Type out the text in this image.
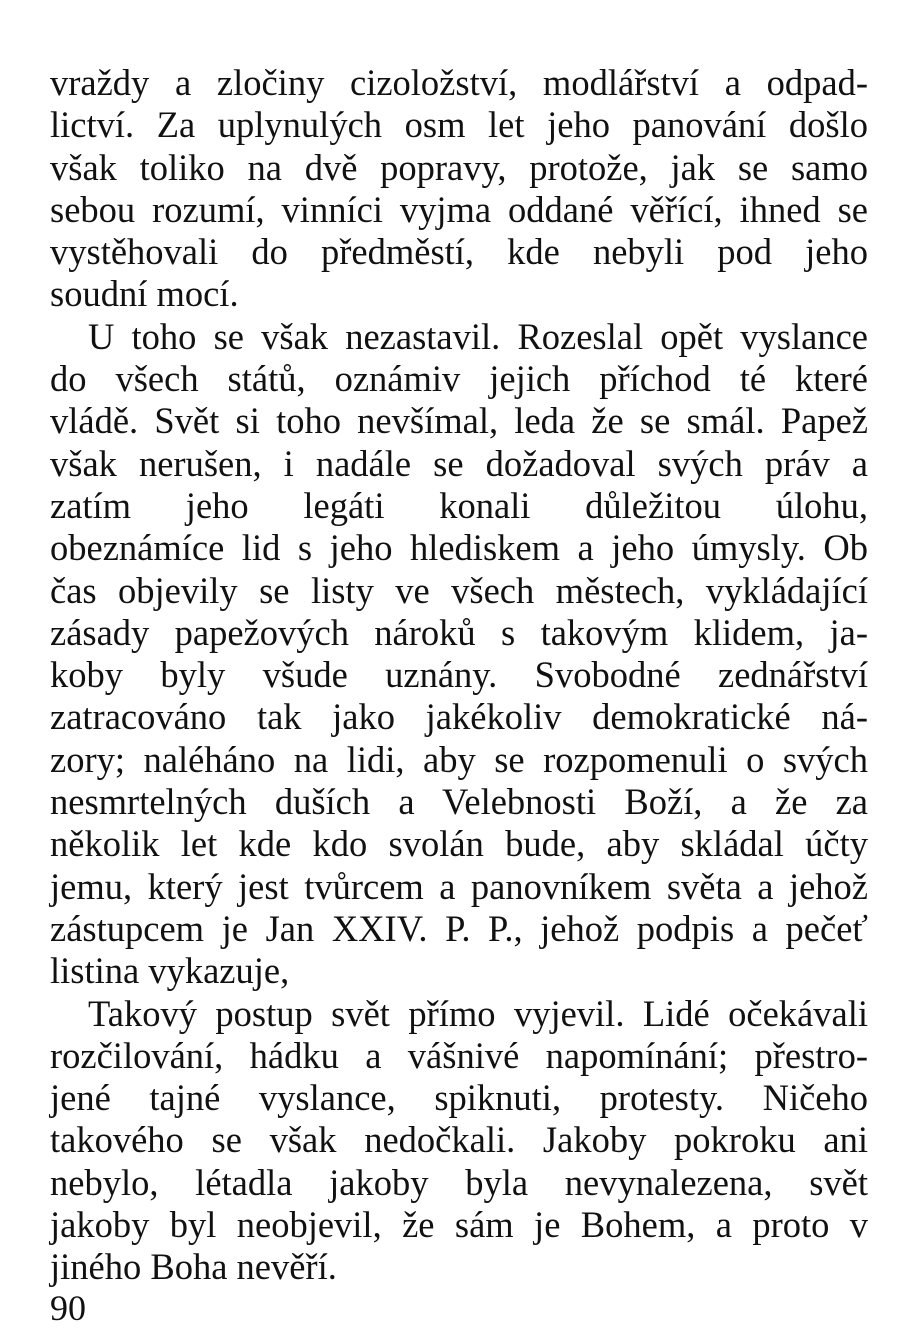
vraždy a zločiny cizoložství, modlářství a odpad-
lictví. Za uplynulých osm let jeho panování došlo
však toliko na dvě popravy, protože, jak se samo
sebou rozumí, vinníci vyjma oddané věřící, ihned se
vystěhovali do předměstí, kde nebyli pod jeho
soudní mocí.
U toho se však nezastavil. Rozeslal opět vyslance
do všech států, oznámiv jejich příchod té které
vládě. Svět si toho nevšímal, leda že se smál. Papež
však nerušen, i nadále se dožadoval svých práv a
zatím jeho legáti konali důležitou úlohu,
obeznámíce lid s jeho hlediskem a jeho úmysly. Ob
čas objevily se listy ve všech městech, vykládající
zásady papežových nároků s takovým klidem, ja-
koby byly všude uznány. Svobodné zednářství
zatracováno tak jako jakékoliv demokratické ná-
zory; naléháno na lidi, aby se rozpomenuli o svých
nesmrtelných duších a Velebnosti Boží, a že za
několik let kde kdo svolán bude, aby skládal účty
jemu, který jest tvůrcem a panovníkem světa a jehož
zástupcem je Jan XXIV. P. P., jehož podpis a pečeť
listina vykazuje,
Takový postup svět přímo vyjevil. Lidé očekávali
rozčilování, hádku a vášnivé napomínání; přestro-
jené tajné vyslance, spiknuti, protesty. Ničeho
takového se však nedočkali. Jakoby pokroku ani
nebylo, létadla jakoby byla nevynalezena, svět
jakoby byl neobjevil, že sám je Bohem, a proto v
jiného Boha nevěří.
90
